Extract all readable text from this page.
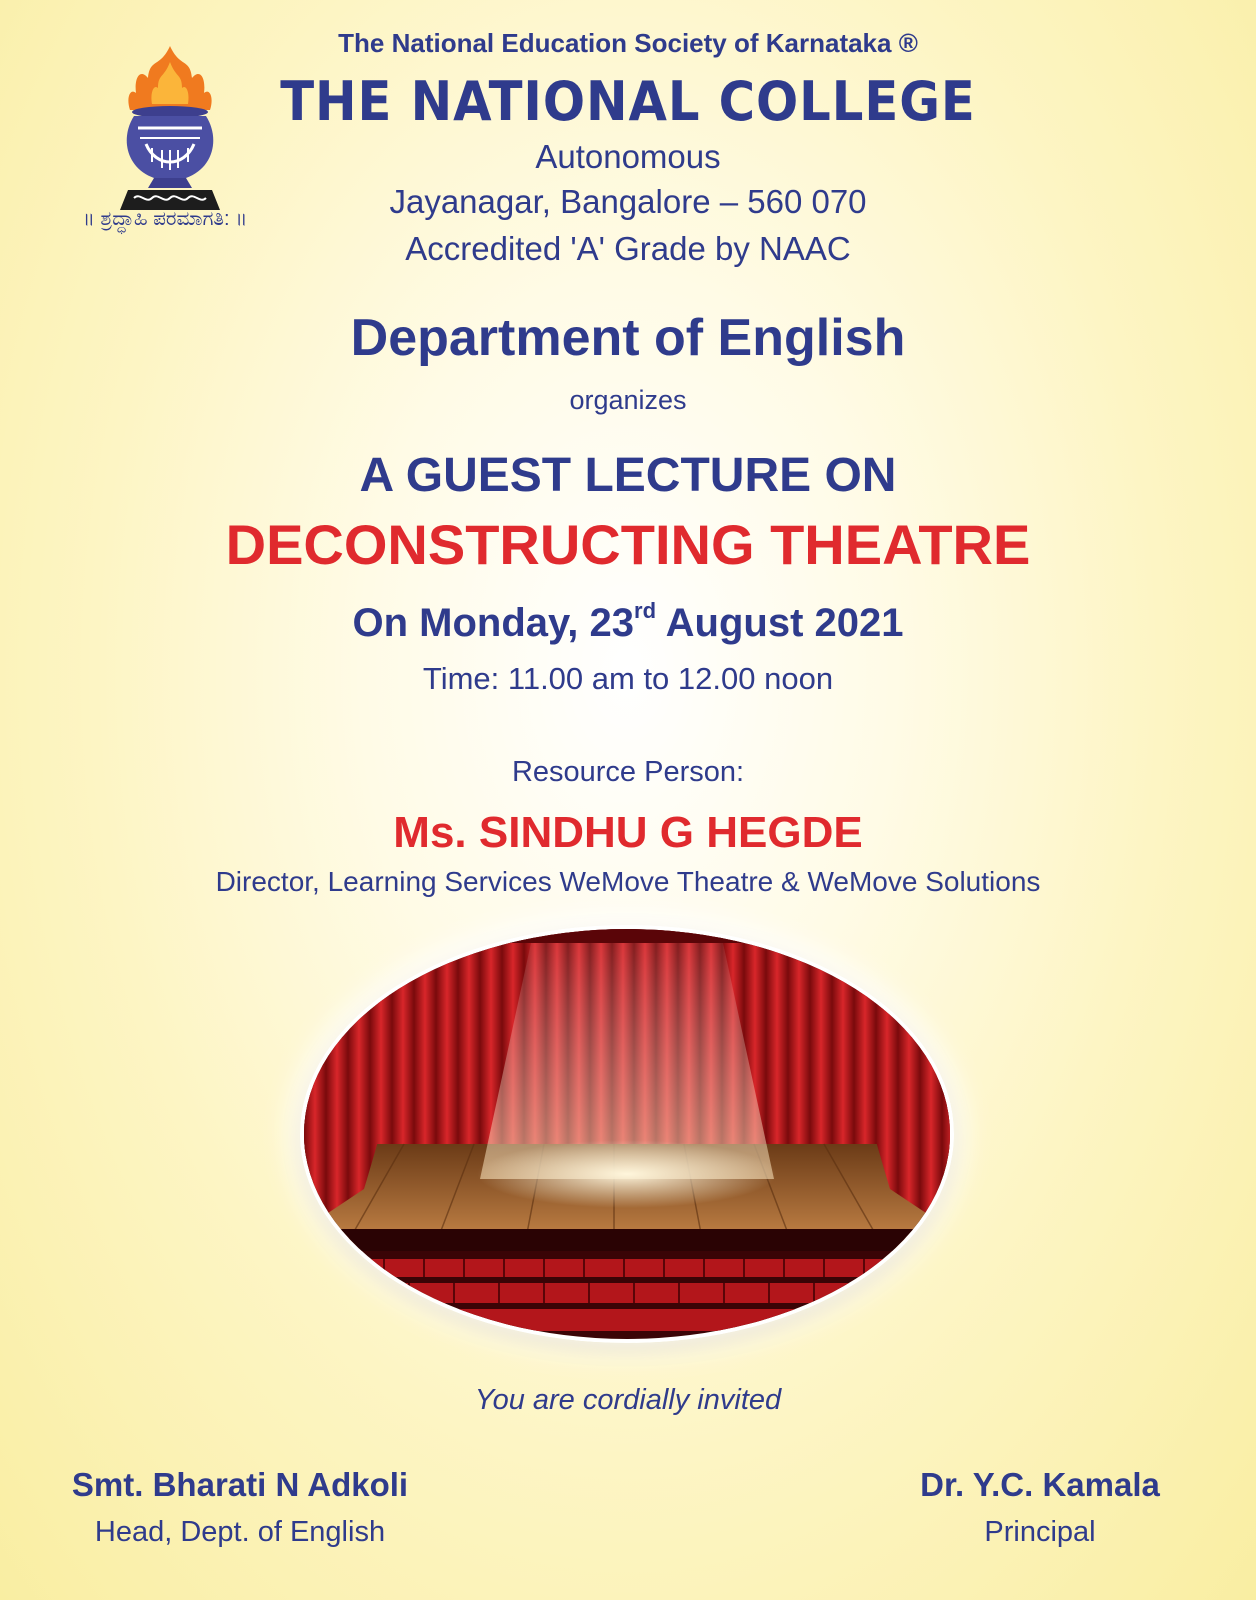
॥ ಶ್ರದ್ಧಾಹಿ ಪರಮಾಗತಿ: ॥
The National Education Society of Karnataka ®
THE NATIONAL COLLEGE
Autonomous
Jayanagar, Bangalore – 560 070
Accredited 'A' Grade by NAAC
Department of English
organizes
A GUEST LECTURE ON
DECONSTRUCTING THEATRE
On Monday, 23rd August 2021
Time: 11.00 am to 12.00 noon
Resource Person:
Ms. SINDHU G HEGDE
Director, Learning Services WeMove Theatre & WeMove Solutions
You are cordially invited
Smt. Bharati N Adkoli
Head, Dept. of English
Dr. Y.C. Kamala
Principal
